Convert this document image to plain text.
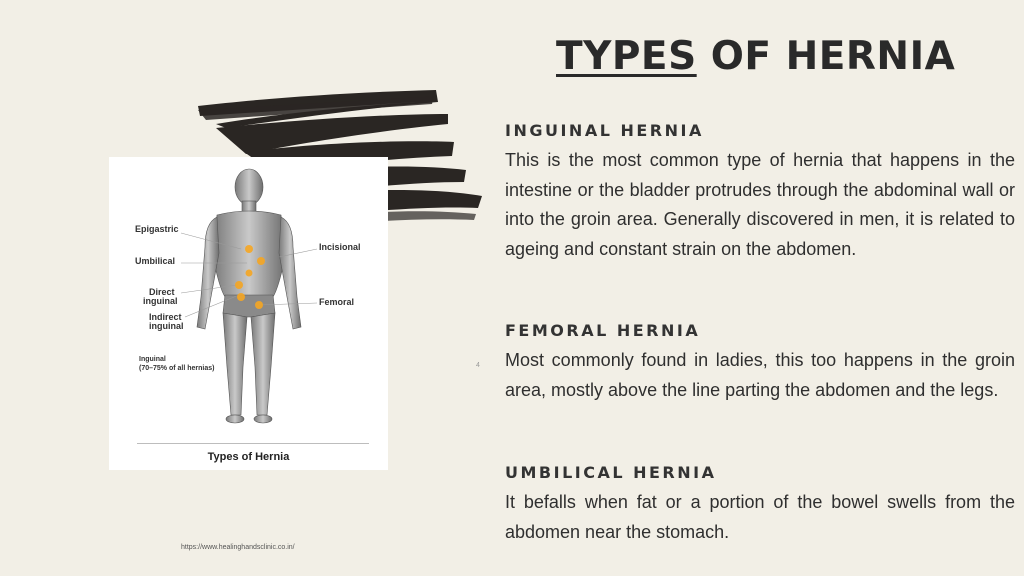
TYPES OF HERNIA
Epigastric
Umbilical
Direct
inguinal
Indirect
inguinal
Incisional
Femoral
Inguinal
(70–75% of all hernias)
Types of Hernia
4
INGUINAL HERNIA

This is the most common type of hernia that happens in the intestine or the bladder protrudes through the abdominal wall or into the groin area. Generally discovered in men, it is related to ageing and constant strain on the abdomen.

FEMORAL HERNIA

Most commonly found in ladies, this too happens in the groin area, mostly above the line parting the abdomen and the legs.

UMBILICAL HERNIA

It befalls when fat or a portion of the bowel swells from the abdomen near the stomach.

https://www.healinghandsclinic.co.in/
